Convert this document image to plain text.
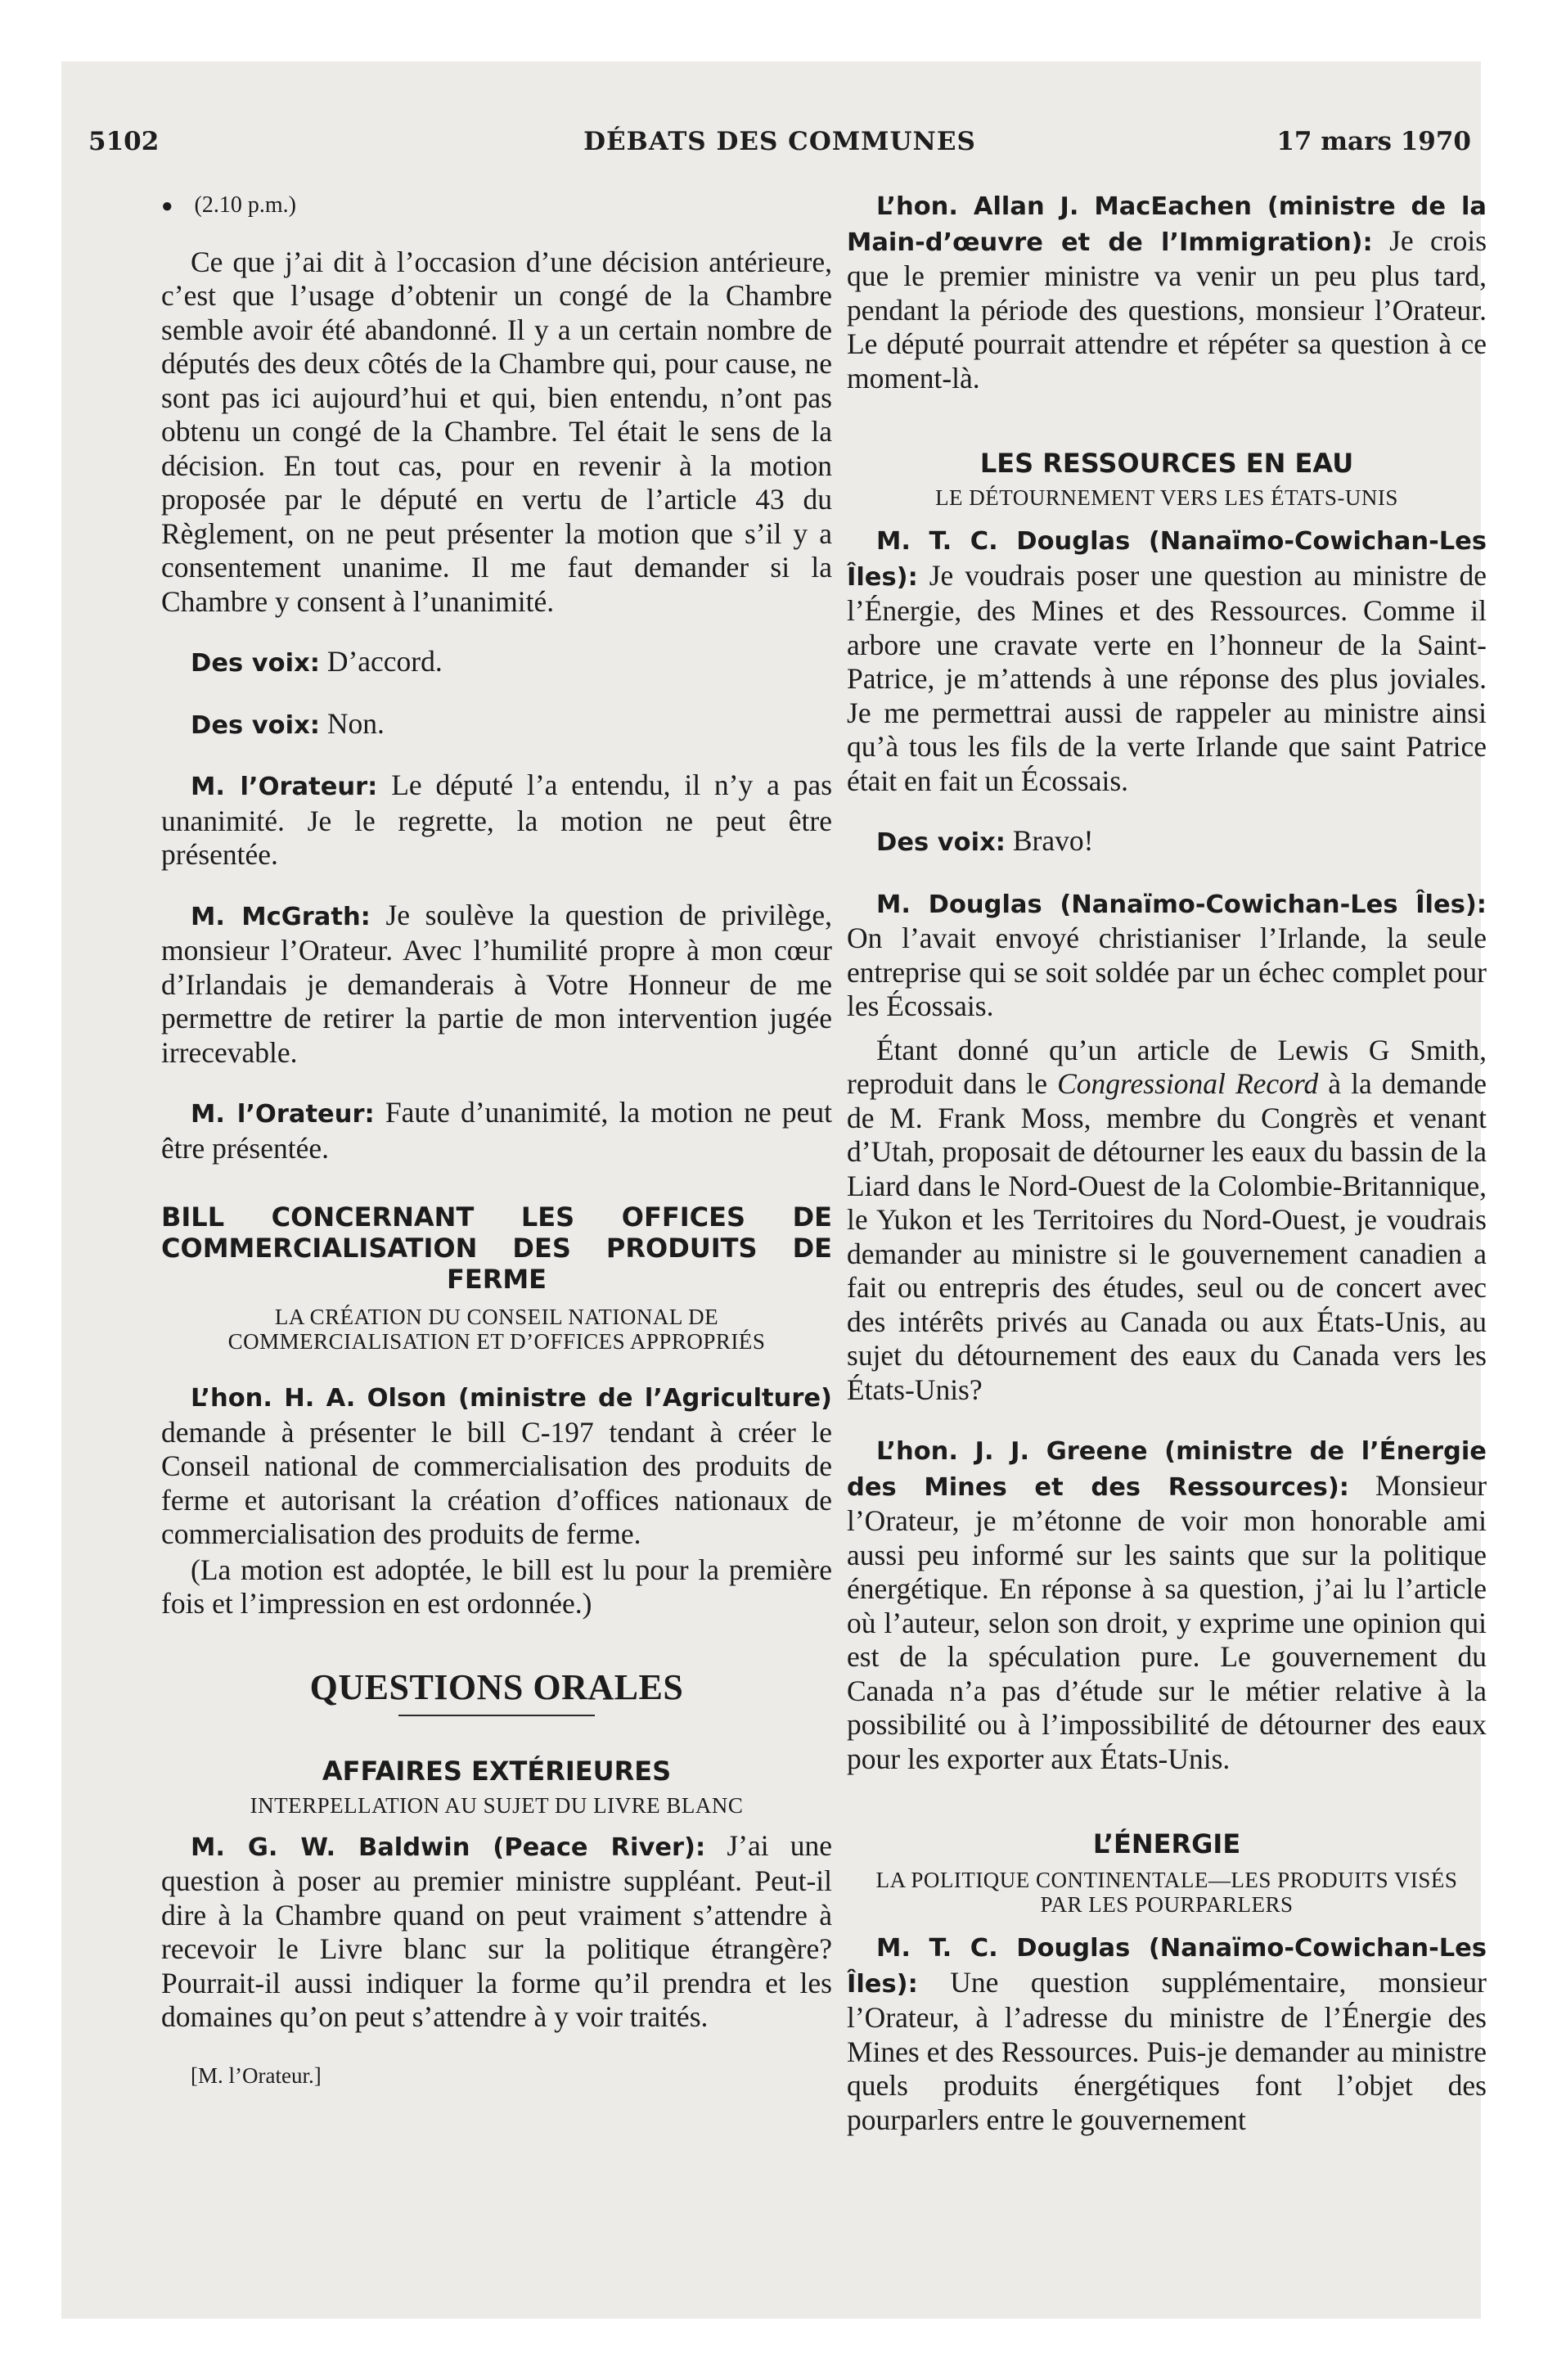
5102	DÉBATS DES COMMUNES	17 mars 1970
● (2.10 p.m.)

Ce que j’ai dit à l’occasion d’une décision antérieure, c’est que l’usage d’obtenir un congé de la Chambre semble avoir été abandonné. Il y a un certain nombre de députés des deux côtés de la Chambre qui, pour cause, ne sont pas ici aujourd’hui et qui, bien entendu, n’ont pas obtenu un congé de la Chambre. Tel était le sens de la décision. En tout cas, pour en revenir à la motion proposée par le député en vertu de l’article 43 du Règlement, on ne peut présenter la motion que s’il y a consentement unanime. Il me faut demander si la Chambre y consent à l’unanimité.

Des voix: D’accord.

Des voix: Non.

M. l’Orateur: Le député l’a entendu, il n’y a pas unanimité. Je le regrette, la motion ne peut être présentée.

M. McGrath: Je soulève la question de privilège, monsieur l’Orateur. Avec l’humilité propre à mon cœur d’Irlandais je demanderais à Votre Honneur de me permettre de retirer la partie de mon intervention jugée irrecevable.

M. l’Orateur: Faute d’unanimité, la motion ne peut être présentée.

BILL CONCERNANT LES OFFICES DE COMMERCIALISATION DES PRODUITS DE FERME
LA CRÉATION DU CONSEIL NATIONAL DE COMMERCIALISATION ET D’OFFICES APPROPRIÉS

L’hon. H. A. Olson (ministre de l’Agriculture) demande à présenter le bill C-197 tendant à créer le Conseil national de commercialisation des produits de ferme et autorisant la création d’offices nationaux de commercialisation des produits de ferme.

(La motion est adoptée, le bill est lu pour la première fois et l’impression en est ordonnée.)

QUESTIONS ORALES
AFFAIRES EXTÉRIEURES
INTERPELLATION AU SUJET DU LIVRE BLANC

M. G. W. Baldwin (Peace River): J’ai une question à poser au premier ministre suppléant. Peut-il dire à la Chambre quand on peut vraiment s’attendre à recevoir le Livre blanc sur la politique étrangère? Pourrait-il aussi indiquer la forme qu’il prendra et les domaines qu’on peut s’attendre à y voir traités.

[M. l’Orateur.]

L’hon. Allan J. MacEachen (ministre de la Main-d’œuvre et de l’Immigration): Je crois que le premier ministre va venir un peu plus tard, pendant la période des questions, monsieur l’Orateur. Le député pourrait attendre et répéter sa question à ce moment-là.

LES RESSOURCES EN EAU
LE DÉTOURNEMENT VERS LES ÉTATS-UNIS

M. T. C. Douglas (Nanaïmo-Cowichan-Les Îles): Je voudrais poser une question au ministre de l’Énergie, des Mines et des Ressources. Comme il arbore une cravate verte en l’honneur de la Saint-Patrice, je m’attends à une réponse des plus joviales. Je me permettrai aussi de rappeler au ministre ainsi qu’à tous les fils de la verte Irlande que saint Patrice était en fait un Écossais.

Des voix: Bravo!

M. Douglas (Nanaïmo-Cowichan-Les Îles): On l’avait envoyé christianiser l’Irlande, la seule entreprise qui se soit soldée par un échec complet pour les Écossais.

Étant donné qu’un article de Lewis G Smith, reproduit dans le Congressional Record à la demande de M. Frank Moss, membre du Congrès et venant d’Utah, proposait de détourner les eaux du bassin de la Liard dans le Nord-Ouest de la Colombie-Britannique, le Yukon et les Territoires du Nord-Ouest, je voudrais demander au ministre si le gouvernement canadien a fait ou entrepris des études, seul ou de concert avec des intérêts privés au Canada ou aux États-Unis, au sujet du détournement des eaux du Canada vers les États-Unis?

L’hon. J. J. Greene (ministre de l’Énergie des Mines et des Ressources): Monsieur l’Orateur, je m’étonne de voir mon honorable ami aussi peu informé sur les saints que sur la politique énergétique. En réponse à sa question, j’ai lu l’article où l’auteur, selon son droit, y exprime une opinion qui est de la spéculation pure. Le gouvernement du Canada n’a pas d’étude sur le métier relative à la possibilité ou à l’impossibilité de détourner des eaux pour les exporter aux États-Unis.

L’ÉNERGIE
LA POLITIQUE CONTINENTALE—LES PRODUITS VISÉS PAR LES POURPARLERS

M. T. C. Douglas (Nanaïmo-Cowichan-Les Îles): Une question supplémentaire, monsieur l’Orateur, à l’adresse du ministre de l’Énergie des Mines et des Ressources. Puis-je demander au ministre quels produits énergétiques font l’objet des pourparlers entre le gouvernement
